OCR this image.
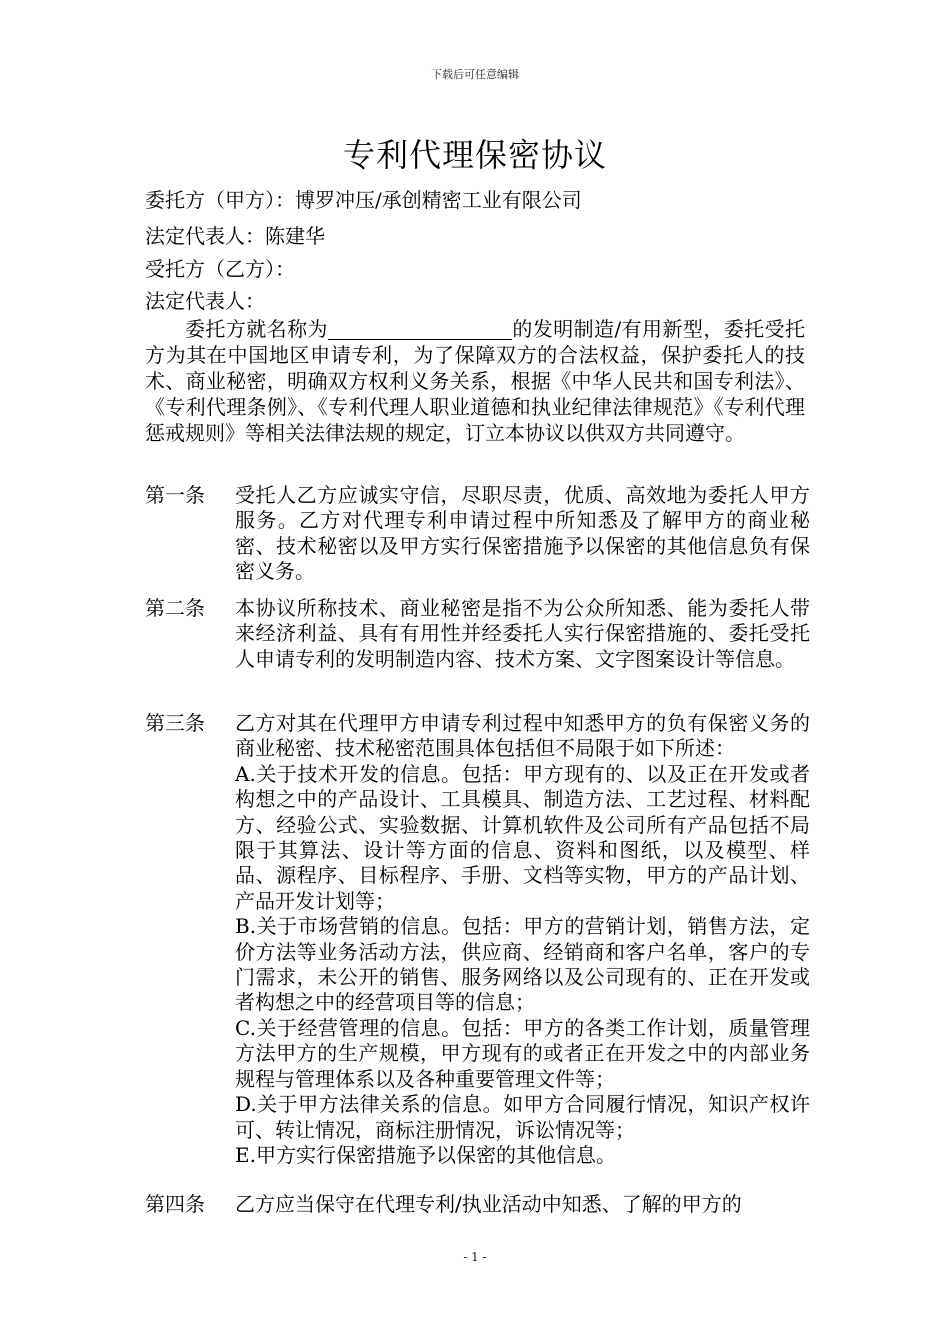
下载后可任意编辑
专利代理保密协议
委托方（甲方）：博罗冲压/承创精密工业有限公司
法定代表人：陈建华
受托方（乙方）：
法定代表人：
委托方就名称为	的发明制造/有用新型，委托受托方为其在中国地区申请专利，为了保障双方的合法权益，保护委托人的技术、商业秘密，明确双方权利义务关系，根据《中华人民共和国专利法》、《专利代理条例》、《专利代理人职业道德和执业纪律法律规范》《专利代理惩戒规则》等相关法律法规的规定，订立本协议以供双方共同遵守。
第一条	受托人乙方应诚实守信，尽职尽责，优质、高效地为委托人甲方服务。乙方对代理专利申请过程中所知悉及了解甲方的商业秘密、技术秘密以及甲方实行保密措施予以保密的其他信息负有保密义务。

第二条	本协议所称技术、商业秘密是指不为公众所知悉、能为委托人带来经济利益、具有有用性并经委托人实行保密措施的、委托受托人申请专利的发明制造内容、技术方案、文字图案设计等信息。

第三条	乙方对其在代理甲方申请专利过程中知悉甲方的负有保密义务的商业秘密、技术秘密范围具体包括但不局限于如下所述：

A.关于技术开发的信息。包括：甲方现有的、以及正在开发或者构想之中的产品设计、工具模具、制造方法、工艺过程、材料配方、经验公式、实验数据、计算机软件及公司所有产品包括不局限于其算法、设计等方面的信息、资料和图纸，以及模型、样品、源程序、目标程序、手册、文档等实物，甲方的产品计划、产品开发计划等；

B.关于市场营销的信息。包括：甲方的营销计划，销售方法，定价方法等业务活动方法，供应商、经销商和客户名单，客户的专门需求，未公开的销售、服务网络以及公司现有的、正在开发或者构想之中的经营项目等的信息；

C.关于经营管理的信息。包括：甲方的各类工作计划，质量管理方法甲方的生产规模，甲方现有的或者正在开发之中的内部业务规程与管理体系以及各种重要管理文件等；

D.关于甲方法律关系的信息。如甲方合同履行情况，知识产权许可、转让情况，商标注册情况，诉讼情况等；

E.甲方实行保密措施予以保密的其他信息。

第四条	乙方应当保守在代理专利/执业活动中知悉、了解的甲方的

- 1 -
